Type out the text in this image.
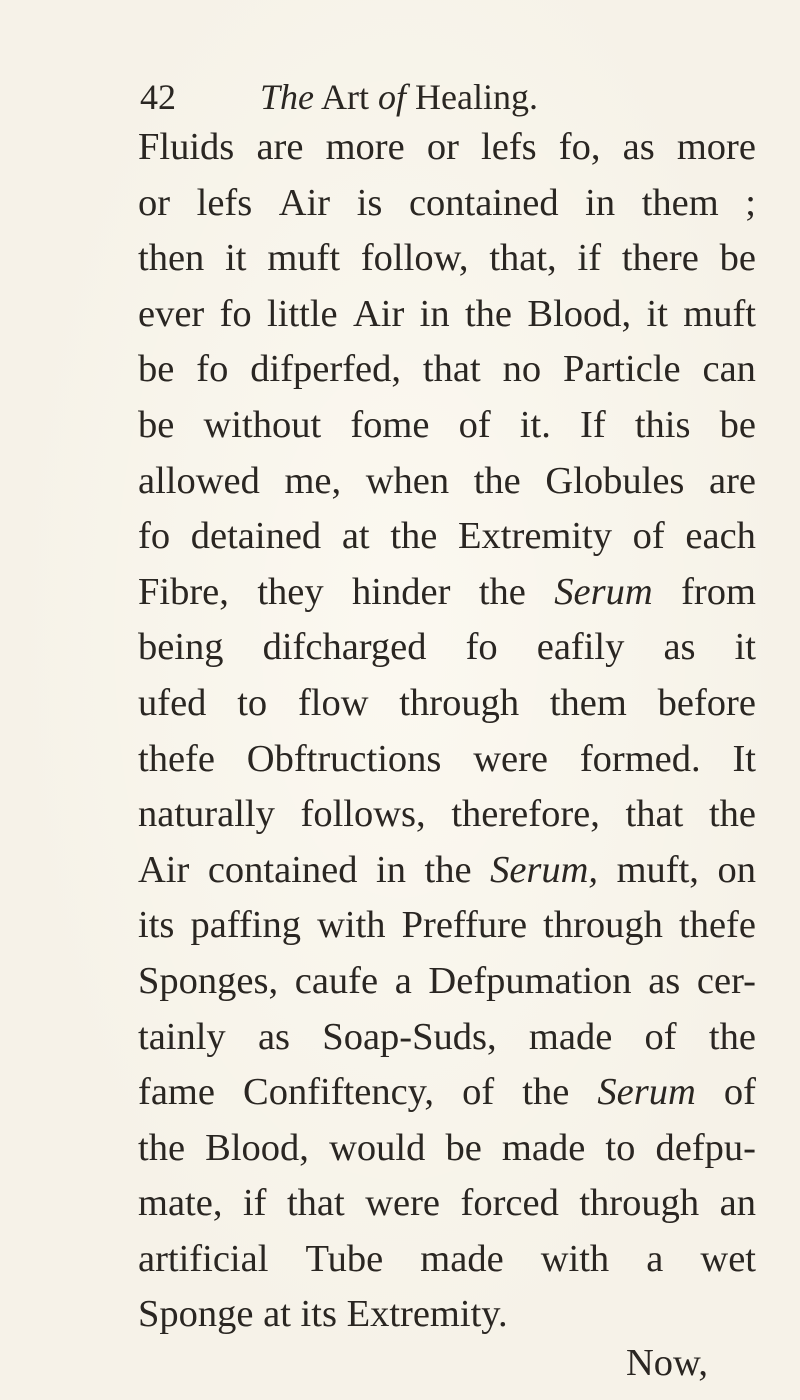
42 The Art of Healing.
Fluids are more or lefs fo, as more
or lefs Air is contained in them ;
then it muft follow, that, if there be
ever fo little Air in the Blood, it muft
be fo difperfed, that no Particle can
be without fome of it. If this be
allowed me, when the Globules are
fo detained at the Extremity of each
Fibre, they hinder the Serum from
being difcharged fo eafily as it
ufed to flow through them before
thefe Obftructions were formed. It
naturally follows, therefore, that the
Air contained in the Serum, muft, on
its paffing with Preffure through thefe
Sponges, caufe a Defpumation as cer-
tainly as Soap-Suds, made of the
fame Confiftency, of the Serum of
the Blood, would be made to defpu-
mate, if that were forced through an
artificial Tube made with a wet
Sponge
at
its
Extremity.
Now,
